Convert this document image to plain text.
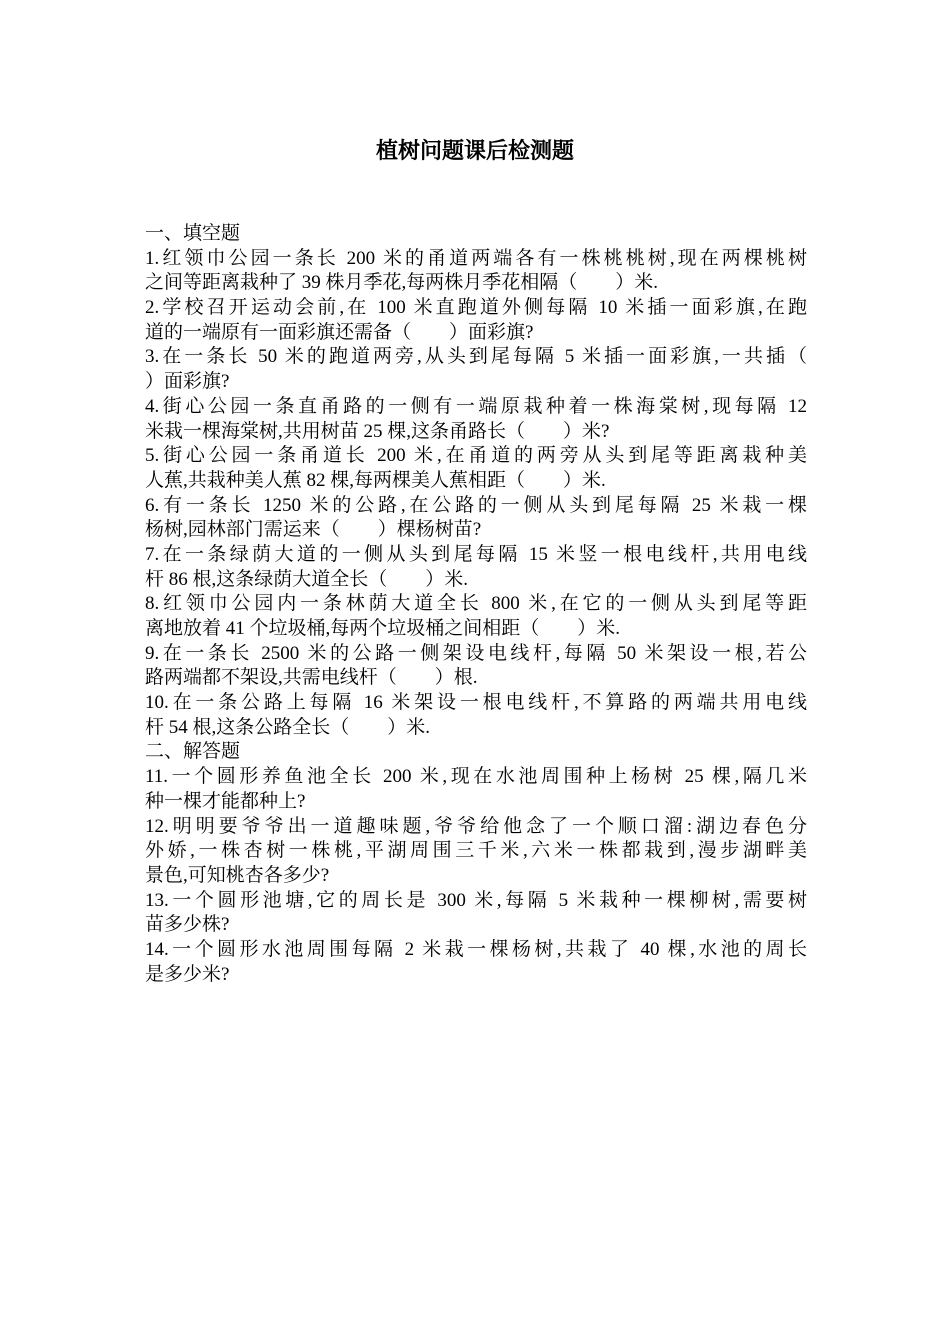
植树问题课后检测题
一、填空题
1.红领巾公园一条长 200 米的甬道两端各有一株桃桃树,现在两棵桃树
之间等距离栽种了 39 株月季花,每两株月季花相隔（　　）米.
2.学校召开运动会前,在 100 米直跑道外侧每隔 10 米插一面彩旗,在跑
道的一端原有一面彩旗还需备（　　）面彩旗?
3.在一条长 50 米的跑道两旁,从头到尾每隔 5 米插一面彩旗,一共插（
）面彩旗?
4.街心公园一条直甬路的一侧有一端原栽种着一株海棠树,现每隔 12
米栽一棵海棠树,共用树苗 25 棵,这条甬路长（　　）米?
5.街心公园一条甬道长 200 米,在甬道的两旁从头到尾等距离栽种美
人蕉,共栽种美人蕉 82 棵,每两棵美人蕉相距（　　）米.
6.有一条长 1250 米的公路,在公路的一侧从头到尾每隔 25 米栽一棵
杨树,园林部门需运来（　　）棵杨树苗?
7.在一条绿荫大道的一侧从头到尾每隔 15 米竖一根电线杆,共用电线
杆 86 根,这条绿荫大道全长（　　）米.
8.红领巾公园内一条林荫大道全长 800 米,在它的一侧从头到尾等距
离地放着 41 个垃圾桶,每两个垃圾桶之间相距（　　）米.
9.在一条长 2500 米的公路一侧架设电线杆,每隔 50 米架设一根,若公
路两端都不架设,共需电线杆（　　）根.
10.在一条公路上每隔 16 米架设一根电线杆,不算路的两端共用电线
杆 54 根,这条公路全长（　　）米.
二、解答题
11.一个圆形养鱼池全长 200 米,现在水池周围种上杨树 25 棵,隔几米
种一棵才能都种上?
12.明明要爷爷出一道趣味题,爷爷给他念了一个顺口溜:湖边春色分
外娇,一株杏树一株桃,平湖周围三千米,六米一株都栽到,漫步湖畔美
景色,可知桃杏各多少?
13.一个圆形池塘,它的周长是 300 米,每隔 5 米栽种一棵柳树,需要树
苗多少株?
14.一个圆形水池周围每隔 2 米栽一棵杨树,共栽了 40 棵,水池的周长
是多少米?
